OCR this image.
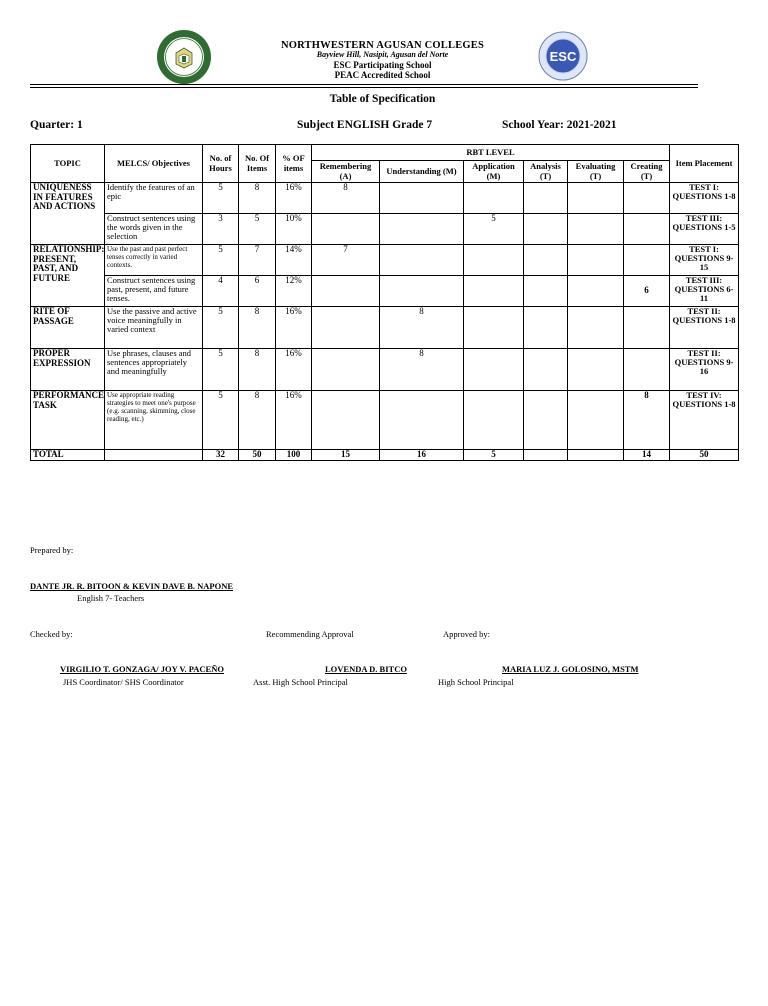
ESC
NORTHWESTERN AGUSAN COLLEGES
Bayview Hill, Nasipit, Agusan del Norte
ESC Participating School
PEAC Accredited School
Table of Specification
Quarter: 1	Subject ENGLISH Grade 7	School Year: 2021-2021
TOPIC	MELCS/ Objectives	No. of Hours	No. Of Items	% OF items	RBT LEVEL						Item Placement
					Remembering (A)	Understanding (M)	Application (M)	Analysis (T)	Evaluating (T)	Creating (T)	
UNIQUENESS IN FEATURES AND ACTIONS	Identify the features of an epic	5	8	16%	8						TEST I: QUESTIONS 1-8
	Construct sentences using the words given in the selection	3	5	10%			5				TEST III: QUESTIONS 1-5
RELATIONSHIP: PRESENT, PAST, AND FUTURE	Use the past and past perfect tenses correctly in varied contexts.	5	7	14%	7						TEST I: QUESTIONS 9-15
	Construct sentences using past, present, and future tenses.	4	6	12%						6	TEST III: QUESTIONS 6-11
RITE OF PASSAGE	Use the passive and active voice meaningfully in varied context	5	8	16%		8					TEST II: QUESTIONS 1-8
PROPER EXPRESSION	Use phrases, clauses and sentences appropriately and meaningfully	5	8	16%		8					TEST II: QUESTIONS 9-16
PERFORMANCE TASK	Use appropriate reading strategies to meet one's purpose (e.g. scanning, skimming, close reading, etc.)	5	8	16%						8	TEST IV: QUESTIONS 1-8
TOTAL		32	50	100	15	16	5			14	50
Prepared by:
DANTE JR. R. BITOON & KEVIN DAVE B. NAPONE
English 7- Teachers
Checked by:	Recommending Approval	Approved by:
VIRGILIO T. GONZAGA/ JOY V. PACEÑO
JHS Coordinator/ SHS Coordinator
LOVENDA D. BITCO
Asst. High School Principal
MARIA LUZ J. GOLOSINO, MSTM
High School Principal
